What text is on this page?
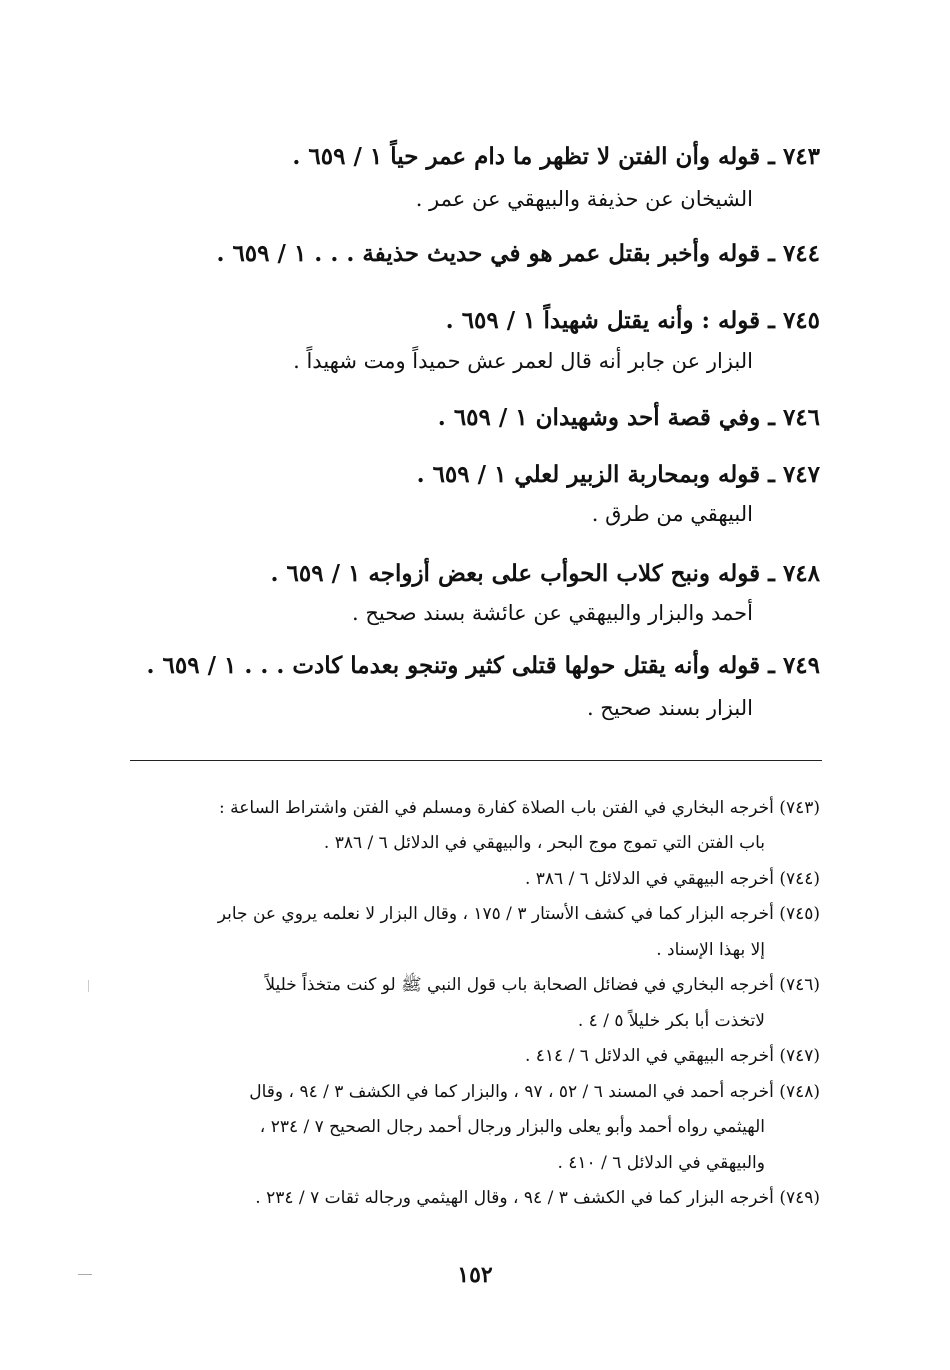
٧٤٣ ـ قوله وأن الفتن لا تظهر ما دام عمر حياً ١ / ٦٥٩ .
الشيخان عن حذيفة والبيهقي عن عمر .
٧٤٤ ـ قوله وأخبر بقتل عمر هو في حديث حذيفة . . . ١ / ٦٥٩ .
٧٤٥ ـ قوله : وأنه يقتل شهيداً ١ / ٦٥٩ .
البزار عن جابر أنه قال لعمر عش حميداً ومت شهيداً .
٧٤٦ ـ وفي قصة أحد وشهيدان ١ / ٦٥٩ .
٧٤٧ ـ قوله وبمحاربة الزبير لعلي ١ / ٦٥٩ .
البيهقي من طرق .
٧٤٨ ـ قوله ونبح كلاب الحوأب على بعض أزواجه ١ / ٦٥٩ .
أحمد والبزار والبيهقي عن عائشة بسند صحيح .
٧٤٩ ـ قوله وأنه يقتل حولها قتلى كثير وتنجو بعدما كادت . . . ١ / ٦٥٩ .
البزار بسند صحيح .
(٧٤٣) أخرجه البخاري في الفتن باب الصلاة كفارة ومسلم في الفتن واشتراط الساعة :
باب الفتن التي تموج موج البحر ، والبيهقي في الدلائل ٦ / ٣٨٦ .
(٧٤٤) أخرجه البيهقي في الدلائل ٦ / ٣٨٦ .
(٧٤٥) أخرجه البزار كما في كشف الأستار ٣ / ١٧٥ ، وقال البزار لا نعلمه يروي عن جابر
إلا بهذا الإسناد .
(٧٤٦) أخرجه البخاري في فضائل الصحابة باب قول النبي ﷺ لو كنت متخذاً خليلاً
لاتخذت أبا بكر خليلاً ٥ / ٤ .
(٧٤٧) أخرجه البيهقي في الدلائل ٦ / ٤١٤ .
(٧٤٨) أخرجه أحمد في المسند ٦ / ٥٢ ، ٩٧ ، والبزار كما في الكشف ٣ / ٩٤ ، وقال
الهيثمي رواه أحمد وأبو يعلى والبزار ورجال أحمد رجال الصحيح ٧ / ٢٣٤ ،
والبيهقي في الدلائل ٦ / ٤١٠ .
(٧٤٩) أخرجه البزار كما في الكشف ٣ / ٩٤ ، وقال الهيثمي ورجاله ثقات ٧ / ٢٣٤ .
١٥٢
